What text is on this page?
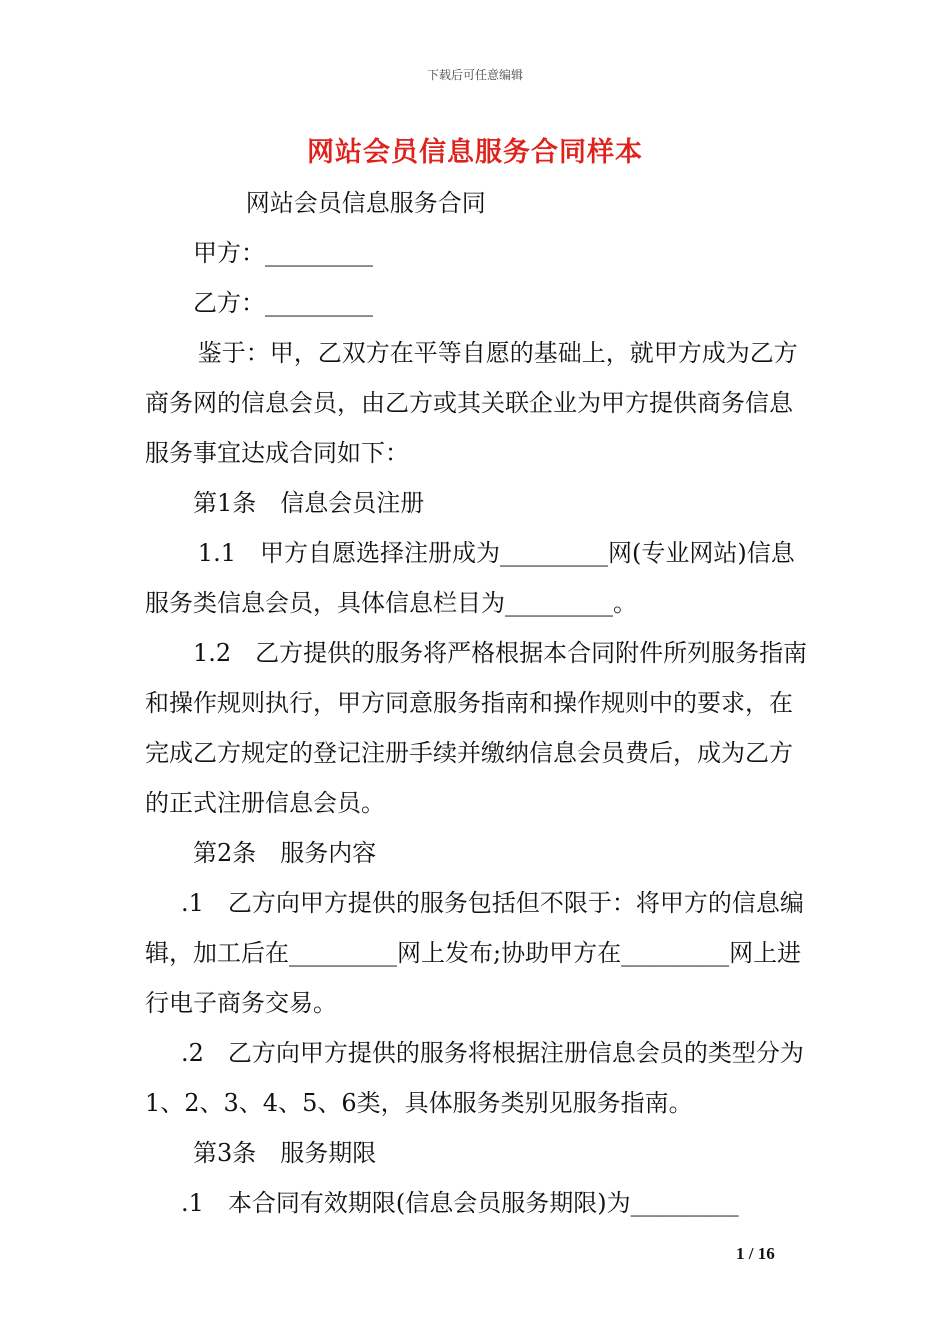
下载后可任意编辑
网站会员信息服务合同样本

网站会员信息服务合同

甲方：_________

乙方：_________

鉴于：甲，乙双方在平等自愿的基础上，就甲方成为乙方商务网的信息会员，由乙方或其关联企业为甲方提供商务信息服务事宜达成合同如下：

第1条　信息会员注册

1.1　甲方自愿选择注册成为_________网(专业网站)信息服务类信息会员，具体信息栏目为_________。

1.2　乙方提供的服务将严格根据本合同附件所列服务指南和操作规则执行，甲方同意服务指南和操作规则中的要求，在完成乙方规定的登记注册手续并缴纳信息会员费后，成为乙方的正式注册信息会员。

第2条　服务内容

.1　乙方向甲方提供的服务包括但不限于：将甲方的信息编辑，加工后在_________网上发布;协助甲方在_________网上进行电子商务交易。

.2　乙方向甲方提供的服务将根据注册信息会员的类型分为1、2、3、4、5、6类，具体服务类别见服务指南。

第3条　服务期限

.1　本合同有效期限(信息会员服务期限)为_________

1 / 16
